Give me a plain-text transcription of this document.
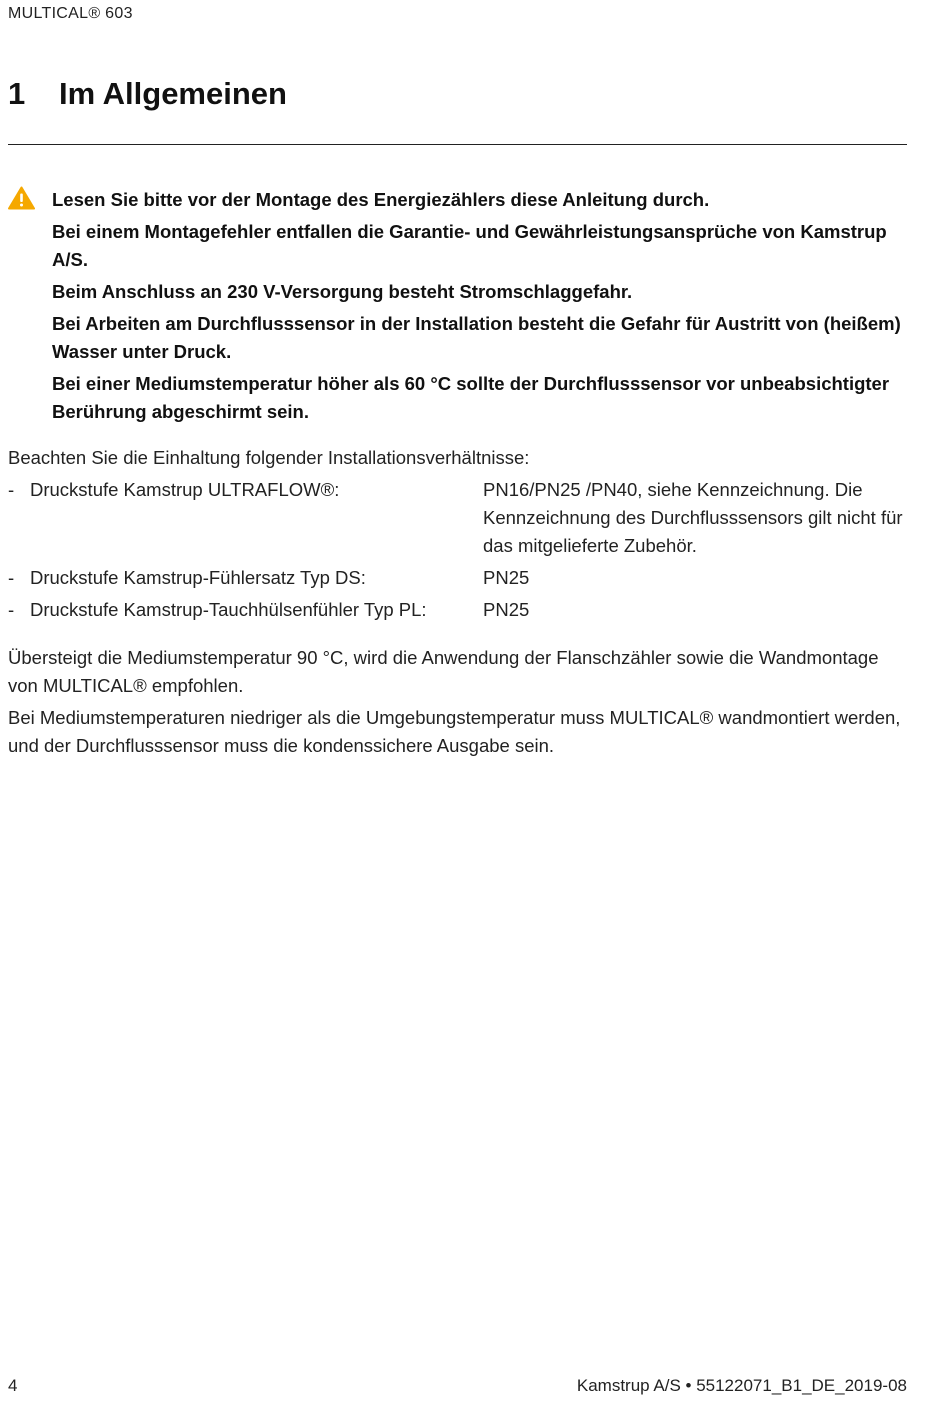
MULTICAL® 603
1 Im Allgemeinen

Lesen Sie bitte vor der Montage des Energiezählers diese Anleitung durch.

Bei einem Montagefehler entfallen die Garantie- und Gewährleistungsansprüche von Kamstrup A/S.

Beim Anschluss an 230 V-Versorgung besteht Stromschlaggefahr.

Bei Arbeiten am Durchflusssensor in der Installation besteht die Gefahr für Austritt von (heißem) Wasser unter Druck.

Bei einer Mediumstemperatur höher als 60 °C sollte der Durchflusssensor vor unbeabsichtigter Berührung abgeschirmt sein.

Beachten Sie die Einhaltung folgender Installationsverhältnisse:
- Druckstufe Kamstrup ULTRAFLOW®:	PN16/PN25 /PN40, siehe Kennzeichnung. Die Kennzeichnung des Durchflusssensors gilt nicht für das mitgelieferte Zubehör.
- Druckstufe Kamstrup-Fühlersatz Typ DS:	PN25
- Druckstufe Kamstrup-Tauchhülsenfühler Typ PL:	PN25

Übersteigt die Mediumstemperatur 90 °C, wird die Anwendung der Flanschzähler sowie die Wandmontage von MULTICAL® empfohlen.

Bei Mediumstemperaturen niedriger als die Umgebungstemperatur muss MULTICAL® wandmontiert werden, und der Durchflusssensor muss die kondenssichere Ausgabe sein.

4	Kamstrup A/S • 55122071_B1_DE_2019-08
